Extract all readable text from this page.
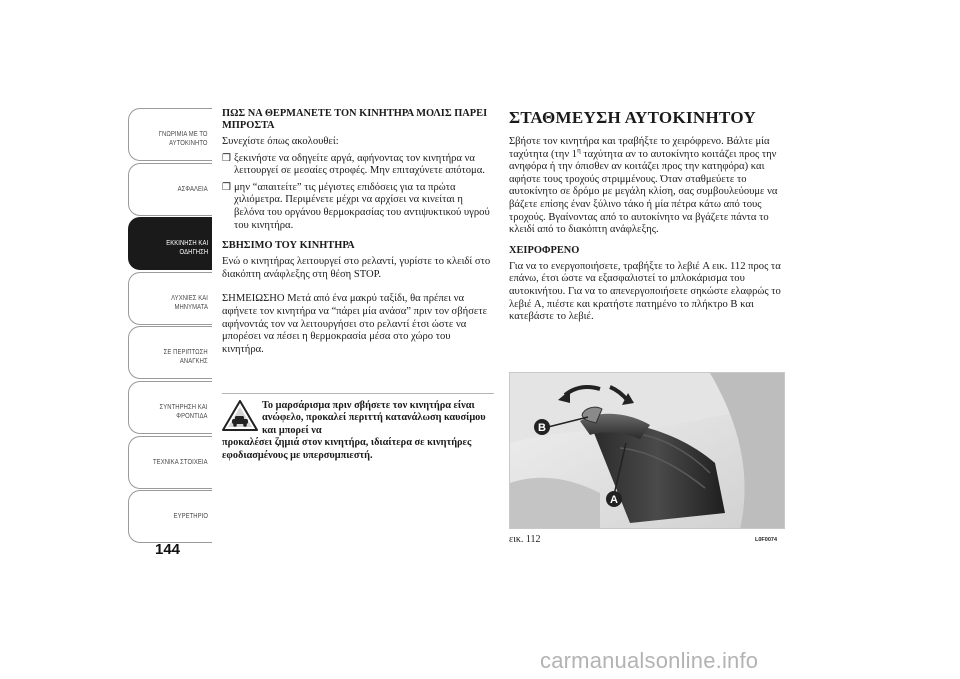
ΓΝΩΡΙΜΙΑ ΜΕ ΤΟ
ΑΥΤΟΚΙΝΗΤΟ
ΑΣΦΑΛΕΙΑ
ΕΚΚΙΝΗΣΗ ΚΑΙ
ΟΔΗΓΗΣΗ
ΛΥΧΝΙΕΣ ΚΑΙ
ΜΗΝΥΜΑΤΑ
ΣΕ ΠΕΡΙΠΤΩΣΗ
ΑΝΑΓΚΗΣ
ΣΥΝΤΗΡΗΣΗ ΚΑΙ
ΦΡΟΝΤΙΔΑ
ΤΕΧΝΙΚΑ ΣΤΟΙΧΕΙΑ
ΕΥΡΕΤΗΡΙΟ
144
ΠΩΣ ΝΑ ΘΕΡΜΑΝΕΤΕ ΤΟΝ ΚΙΝΗΤΗΡΑ ΜΟΛΙΣ ΠΑΡΕΙ ΜΠΡΟΣΤΑ
Συνεχίστε όπως ακολουθεί:
❒ ξεκινήστε να οδηγείτε αργά, αφήνοντας τον κινητήρα να λειτουργεί σε μεσαίες στροφές. Μην επιταχύνετε απότομα.
❒ μην “απαιτείτε” τις μέγιστες επιδόσεις για τα πρώτα χιλιόμετρα. Περιμένετε μέχρι να αρχίσει να κινείται η βελόνα του οργάνου θερμοκρασίας του αντιψυκτικού υγρού του κινητήρα.
ΣΒΗΣΙΜΟ ΤΟΥ ΚΙΝΗΤΗΡΑ
Ενώ ο κινητήρας λειτουργεί στο ρελαντί, γυρίστε το κλειδί στο διακόπτη ανάφλεξης στη θέση STOP.
ΣΗΜΕΙΩΣΗΟ Μετά από ένα μακρύ ταξίδι, θα πρέπει να αφήνετε τον κινητήρα να “πάρει μία ανάσα” πριν τον σβήσετε αφήνοντάς τον να λειτουργήσει στο ρελαντί έτσι ώστε να μπορέσει να πέσει η θερμοκρασία μέσα στο χώρο του κινητήρα.
Το μαρσάρισμα πριν σβήσετε τον κινητήρα είναι ανώφελο, προκαλεί περιττή κατανάλωση καυσίμου και μπορεί να
προκαλέσει ζημιά στον κινητήρα, ιδιαίτερα σε κινητήρες εφοδιασμένους με υπερσυμπιεστή.
ΣΤΑΘΜΕΥΣΗ ΑΥΤΟΚΙΝΗΤΟΥ
Σβήστε τον κινητήρα και τραβήξτε το χειρόφρενο. Βάλτε μία ταχύτητα (την $1^\eta$ ταχύτητα αν το αυτοκίνητο κοιτάζει προς την ανηφόρα ή την όπισθεν αν κοιτάζει προς την κατηφόρα) και αφήστε τους τροχούς στριμμένους. Όταν σταθμεύετε το αυτοκίνητο σε δρόμο με μεγάλη κλίση, σας συμβουλεύουμε να βάζετε επίσης έναν ξύλινο τάκο ή μία πέτρα κάτω από τους τροχούς. Βγαίνοντας από το αυτοκίνητο να βγάζετε πάντα το κλειδί από το διακόπτη ανάφλεξης.
ΧΕΙΡΟΦΡΕΝΟ
Για να το ενεργοποιήσετε, τραβήξτε το λεβιέ A εικ. 112 προς τα επάνω, έτσι ώστε να εξασφαλιστεί το μπλοκάρισμα του αυτοκινήτου. Για να το απενεργοποιήσετε σηκώστε ελαφρώς το λεβιέ A, πιέστε και κρατήστε πατημένο το πλήκτρο B και κατεβάστε το λεβιέ.
B
A
εικ. 112	L0F0074
carmanualsonline.info
